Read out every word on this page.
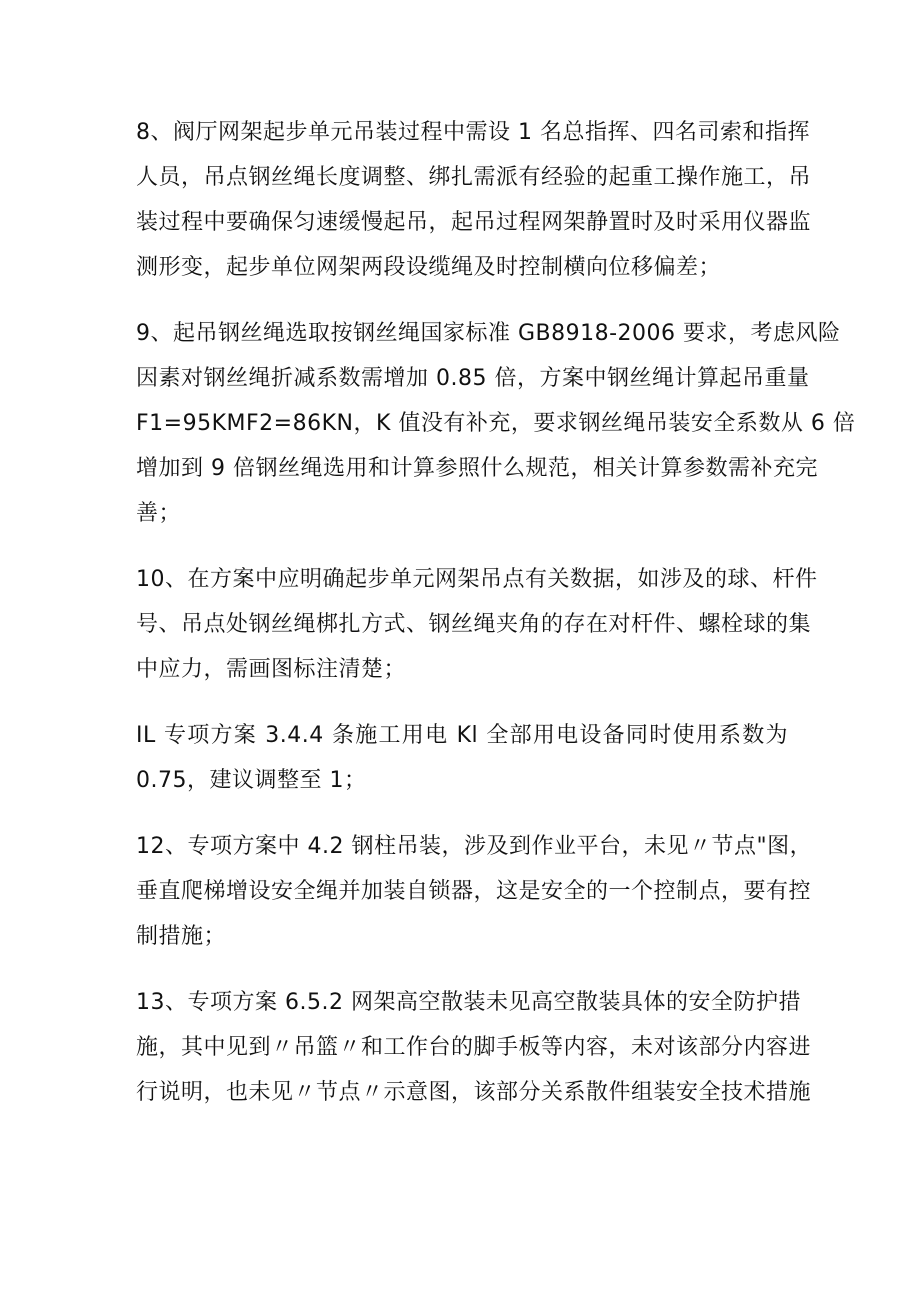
8、阀厅网架起步单元吊装过程中需设 1 名总指挥、四名司索和指挥
人员，吊点钢丝绳长度调整、绑扎需派有经验的起重工操作施工，吊
装过程中要确保匀速缓慢起吊，起吊过程网架静置时及时采用仪器监
测形变，起步单位网架两段设缆绳及时控制横向位移偏差；
9、起吊钢丝绳选取按钢丝绳国家标准 GB8918-2006 要求，考虑风险
因素对钢丝绳折减系数需增加 0.85 倍，方案中钢丝绳计算起吊重量
F1=95KMF2=86KN，K 值没有补充，要求钢丝绳吊装安全系数从 6 倍
增加到 9 倍钢丝绳选用和计算参照什么规范，相关计算参数需补充完
善；
10、在方案中应明确起步单元网架吊点有关数据，如涉及的球、杆件
号、吊点处钢丝绳梆扎方式、钢丝绳夹角的存在对杆件、螺栓球的集
中应力，需画图标注清楚；
IL 专项方案 3.4.4 条施工用电 Kl 全部用电设备同时使用系数为
0.75，建议调整至 1；
12、专项方案中 4.2 钢柱吊装，涉及到作业平台，未见〃节点"图，
垂直爬梯增设安全绳并加装自锁器，这是安全的一个控制点，要有控
制措施；
13、专项方案 6.5.2 网架高空散装未见高空散装具体的安全防护措
施，其中见到〃吊篮〃和工作台的脚手板等内容，未对该部分内容进
行说明，也未见〃节点〃示意图，该部分关系散件组装安全技术措施
